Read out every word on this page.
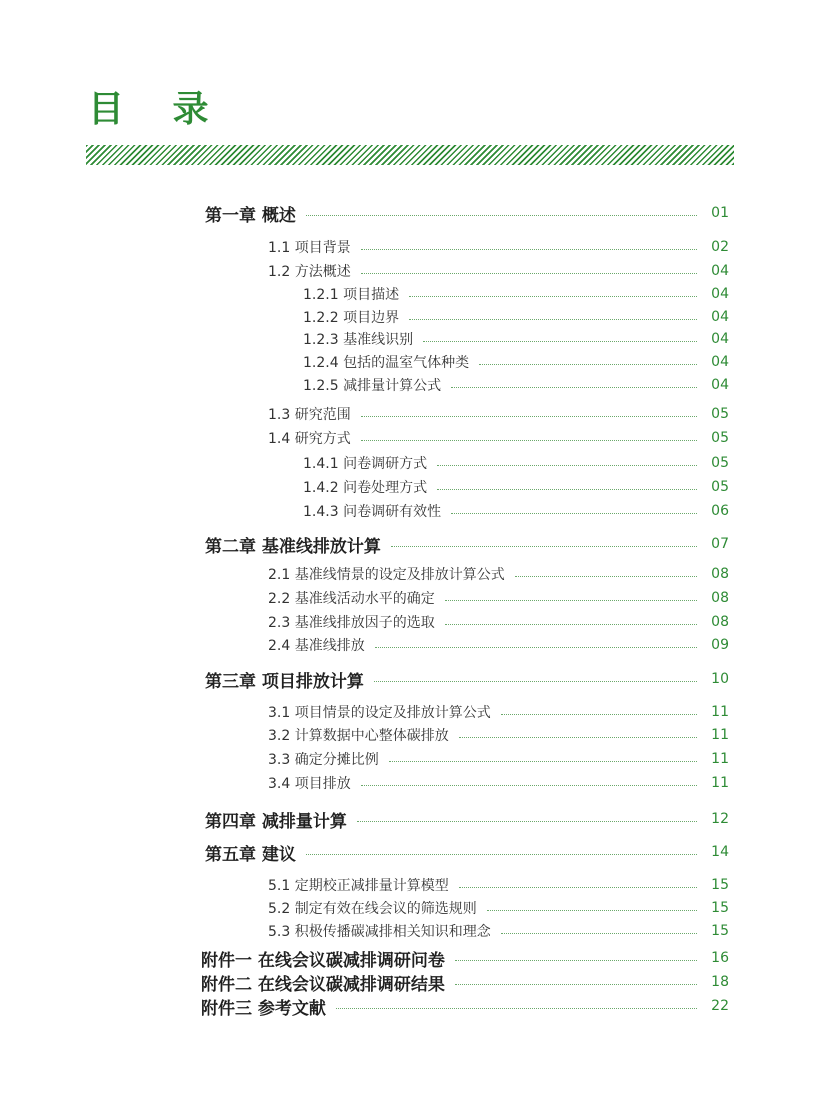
目 录
第一章 概述	01
1.1 项目背景	02
1.2 方法概述	04
1.2.1 项目描述	04
1.2.2 项目边界	04
1.2.3 基准线识别	04
1.2.4 包括的温室气体种类	04
1.2.5 减排量计算公式	04
1.3 研究范围	05
1.4 研究方式	05
1.4.1 问卷调研方式	05
1.4.2 问卷处理方式	05
1.4.3 问卷调研有效性	06
第二章 基准线排放计算	07
2.1 基准线情景的设定及排放计算公式	08
2.2 基准线活动水平的确定	08
2.3 基准线排放因子的选取	08
2.4 基准线排放	09
第三章 项目排放计算	10
3.1 项目情景的设定及排放计算公式	11
3.2 计算数据中心整体碳排放	11
3.3 确定分摊比例	11
3.4 项目排放	11
第四章 减排量计算	12
第五章 建议	14
5.1 定期校正减排量计算模型	15
5.2 制定有效在线会议的筛选规则	15
5.3 积极传播碳减排相关知识和理念	15
附件一 在线会议碳减排调研问卷	16
附件二 在线会议碳减排调研结果	18
附件三 参考文献	22
